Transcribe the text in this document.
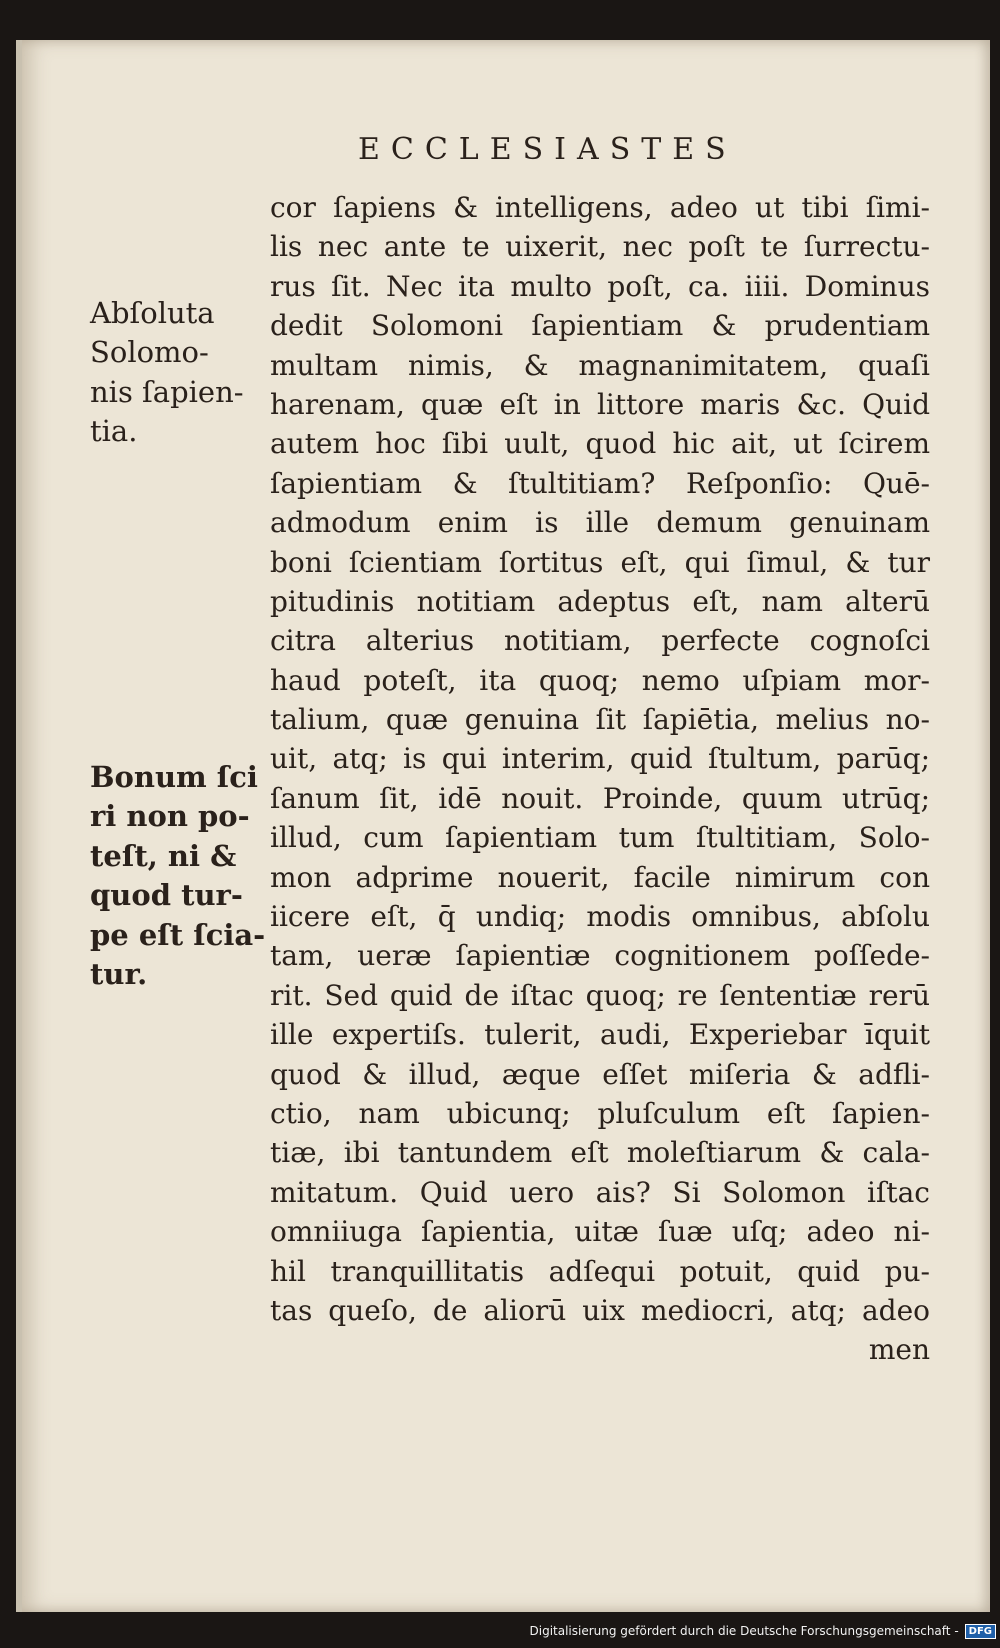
ECCLESIASTES
cor ſapiens & intelligens, adeo ut tibi ſimi-
lis nec ante te uixerit, nec poſt te ſurrectu-
rus ſit. Nec ita multo poſt, ca. iiii. Dominus
dedit Solomoni ſapientiam & prudentiam
multam nimis, & magnanimitatem, quaſi
harenam, quæ eſt in littore maris &c. Quid
autem hoc ſibi uult, quod hic ait, ut ſcirem
ſapientiam & ſtultitiam? Reſponſio: Quē-
admodum enim is ille demum genuinam
boni ſcientiam ſortitus eſt, qui ſimul, & tur
pitudinis notitiam adeptus eſt, nam alterū
citra alterius notitiam, perfecte cognoſci
haud poteſt, ita quoq; nemo uſpiam mor-
talium, quæ genuina ſit ſapiētia, melius no-
uit, atq; is qui interim, quid ſtultum, parūq;
ſanum ſit, idē nouit. Proinde, quum utrūq;
illud, cum ſapientiam tum ſtultitiam, Solo-
mon adprime nouerit, facile nimirum con
iicere eſt, q̄ undiq; modis omnibus, abſolu
tam, ueræ ſapientiæ cognitionem poſſede-
rit. Sed quid de iſtac quoq; re ſententiæ rerū
ille expertiſs. tulerit, audi, Experiebar īquit
quod & illud, æque eſſet miſeria & adfli-
ctio, nam ubicunq; pluſculum eſt ſapien-
tiæ, ibi tantundem eſt moleſtiarum & cala-
mitatum. Quid uero ais? Si Solomon iſtac
omniiuga ſapientia, uitæ ſuæ uſq; adeo ni-
hil tranquillitatis adſequi potuit, quid pu-
tas queſo, de aliorū uix mediocri, atq; adeo
men
Abſoluta
Solomo-
nis ſapien-
tia.
Bonum ſci
ri non po-
teſt, ni &
quod tur-
pe eſt ſcia-
tur.
Digitalisierung gefördert durch die Deutsche Forschungsgemeinschaft -	DFG
